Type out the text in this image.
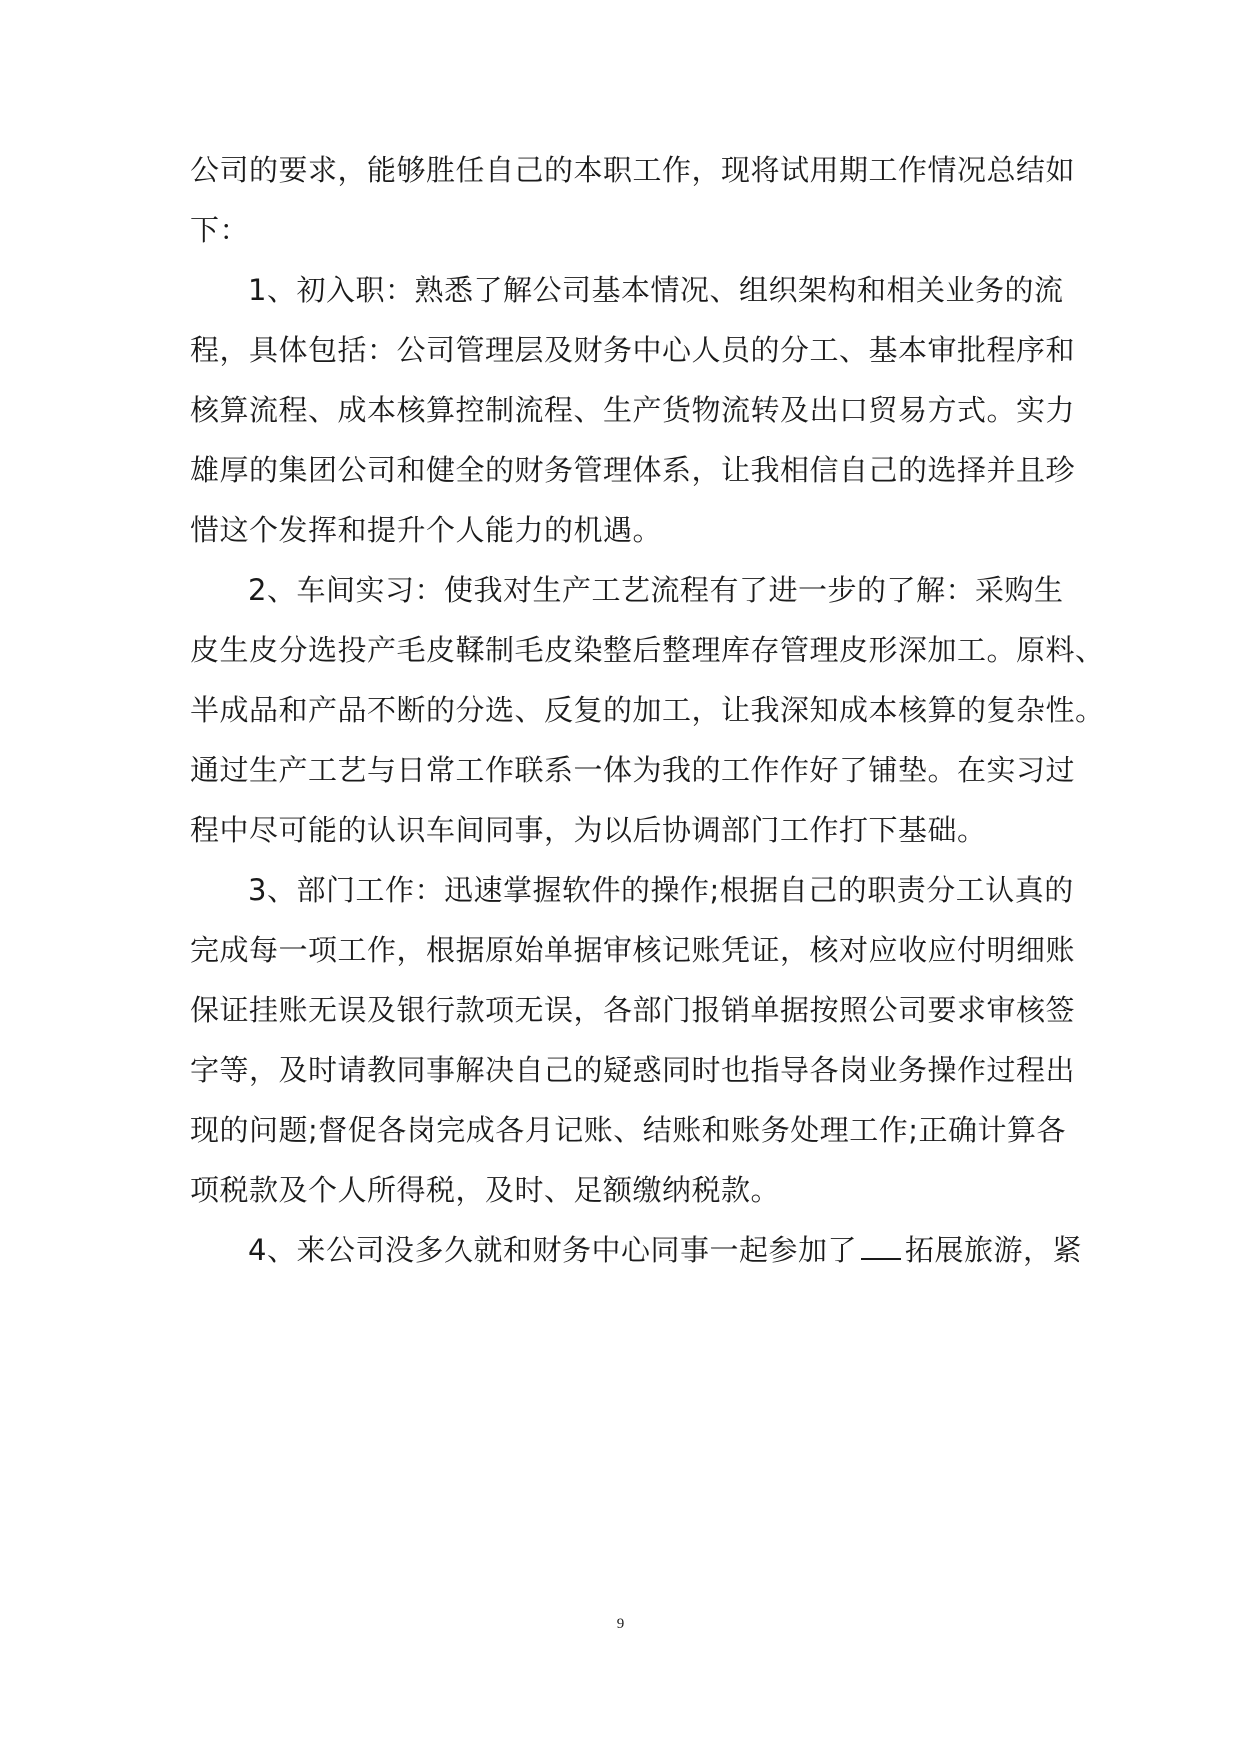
公司的要求，能够胜任自己的本职工作，现将试用期工作情况总结如
下：
1、初入职：熟悉了解公司基本情况、组织架构和相关业务的流
程，具体包括：公司管理层及财务中心人员的分工、基本审批程序和
核算流程、成本核算控制流程、生产货物流转及出口贸易方式。实力
雄厚的集团公司和健全的财务管理体系，让我相信自己的选择并且珍
惜这个发挥和提升个人能力的机遇。
2、车间实习：使我对生产工艺流程有了进一步的了解：采购生
皮生皮分选投产毛皮鞣制毛皮染整后整理库存管理皮形深加工。原料、
半成品和产品不断的分选、反复的加工，让我深知成本核算的复杂性。
通过生产工艺与日常工作联系一体为我的工作作好了铺垫。在实习过
程中尽可能的认识车间同事，为以后协调部门工作打下基础。
3、部门工作：迅速掌握软件的操作;根据自己的职责分工认真的
完成每一项工作，根据原始单据审核记账凭证，核对应收应付明细账
保证挂账无误及银行款项无误，各部门报销单据按照公司要求审核签
字等，及时请教同事解决自己的疑惑同时也指导各岗业务操作过程出
现的问题;督促各岗完成各月记账、结账和账务处理工作;正确计算各
项税款及个人所得税，及时、足额缴纳税款。
4、来公司没多久就和财务中心同事一起参加了 拓展旅游，紧
9
